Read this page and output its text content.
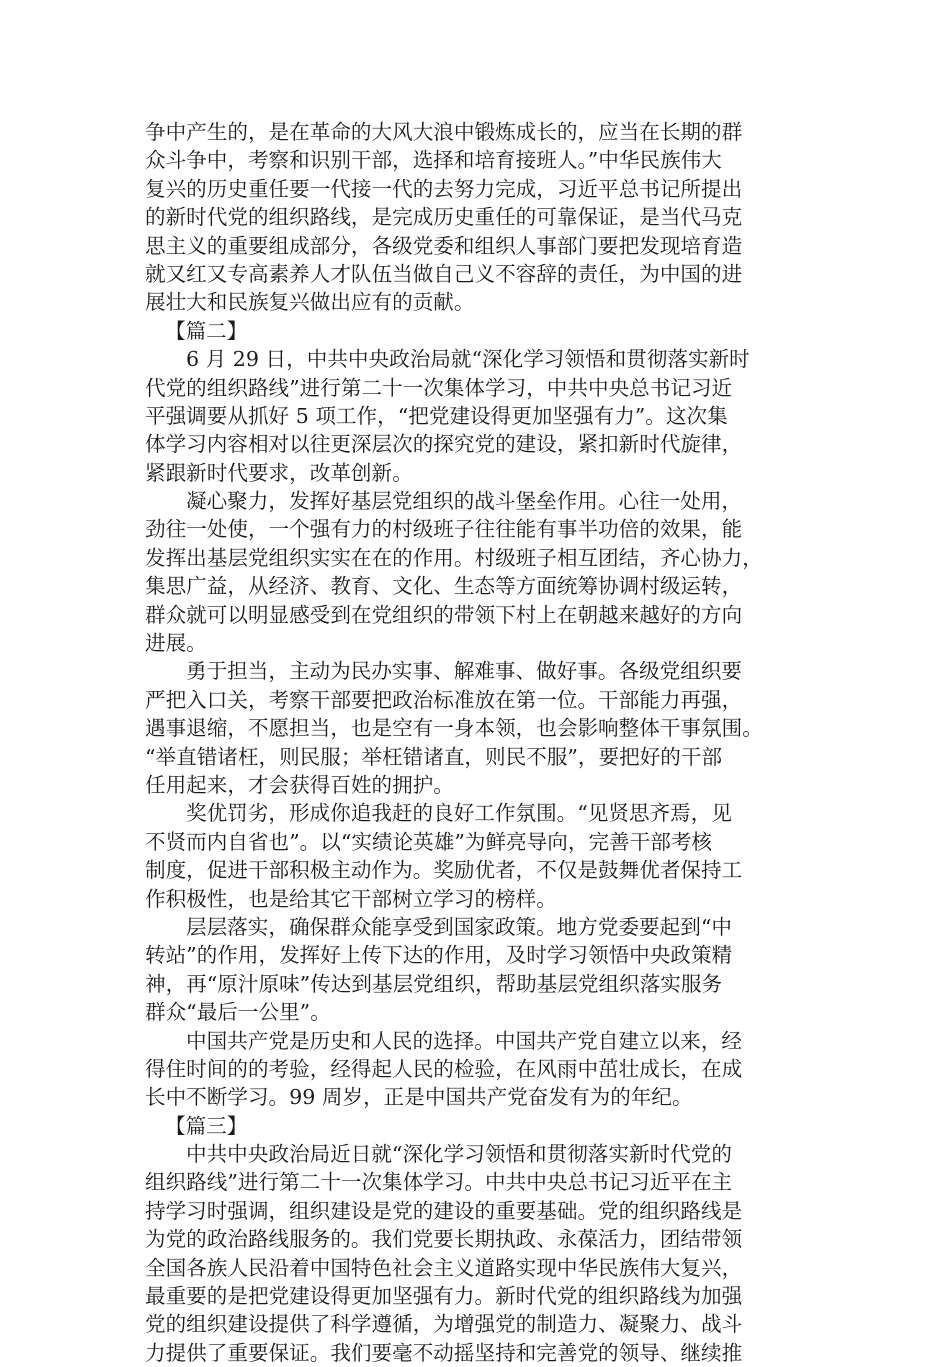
争中产生的，是在革命的大风大浪中锻炼成长的，应当在长期的群
众斗争中，考察和识别干部，选择和培育接班人。”中华民族伟大
复兴的历史重任要一代接一代的去努力完成，习近平总书记所提出
的新时代党的组织路线，是完成历史重任的可靠保证，是当代马克
思主义的重要组成部分，各级党委和组织人事部门要把发现培育造
就又红又专高素养人才队伍当做自己义不容辞的责任，为中国的进
展壮大和民族复兴做出应有的贡献。
【篇二】
6 月 29 日，中共中央政治局就“深化学习领悟和贯彻落实新时
代党的组织路线”进行第二十一次集体学习，中共中央总书记习近
平强调要从抓好 5 项工作，“把党建设得更加坚强有力”。这次集
体学习内容相对以往更深层次的探究党的建设，紧扣新时代旋律，
紧跟新时代要求，改革创新。
凝心聚力，发挥好基层党组织的战斗堡垒作用。心往一处用，
劲往一处使，一个强有力的村级班子往往能有事半功倍的效果，能
发挥出基层党组织实实在在的作用。村级班子相互团结，齐心协力，
集思广益，从经济、教育、文化、生态等方面统筹协调村级运转，
群众就可以明显感受到在党组织的带领下村上在朝越来越好的方向
进展。
勇于担当，主动为民办实事、解难事、做好事。各级党组织要
严把入口关，考察干部要把政治标准放在第一位。干部能力再强，
遇事退缩，不愿担当，也是空有一身本领，也会影响整体干事氛围。
“举直错诸枉，则民服；举枉错诸直，则民不服”，要把好的干部
任用起来，才会获得百姓的拥护。
奖优罚劣，形成你追我赶的良好工作氛围。“见贤思齐焉，见
不贤而内自省也”。以“实绩论英雄”为鲜亮导向，完善干部考核
制度，促进干部积极主动作为。奖励优者，不仅是鼓舞优者保持工
作积极性，也是给其它干部树立学习的榜样。
层层落实，确保群众能享受到国家政策。地方党委要起到“中
转站”的作用，发挥好上传下达的作用，及时学习领悟中央政策精
神，再“原汁原味”传达到基层党组织，帮助基层党组织落实服务
群众“最后一公里”。
中国共产党是历史和人民的选择。中国共产党自建立以来，经
得住时间的的考验，经得起人民的检验，在风雨中茁壮成长，在成
长中不断学习。99 周岁，正是中国共产党奋发有为的年纪。
【篇三】
中共中央政治局近日就“深化学习领悟和贯彻落实新时代党的
组织路线”进行第二十一次集体学习。中共中央总书记习近平在主
持学习时强调，组织建设是党的建设的重要基础。党的组织路线是
为党的政治路线服务的。我们党要长期执政、永葆活力，团结带领
全国各族人民沿着中国特色社会主义道路实现中华民族伟大复兴，
最重要的是把党建设得更加坚强有力。新时代党的组织路线为加强
党的组织建设提供了科学遵循，为增强党的制造力、凝聚力、战斗
力提供了重要保证。我们要毫不动摇坚持和完善党的领导、继续推
